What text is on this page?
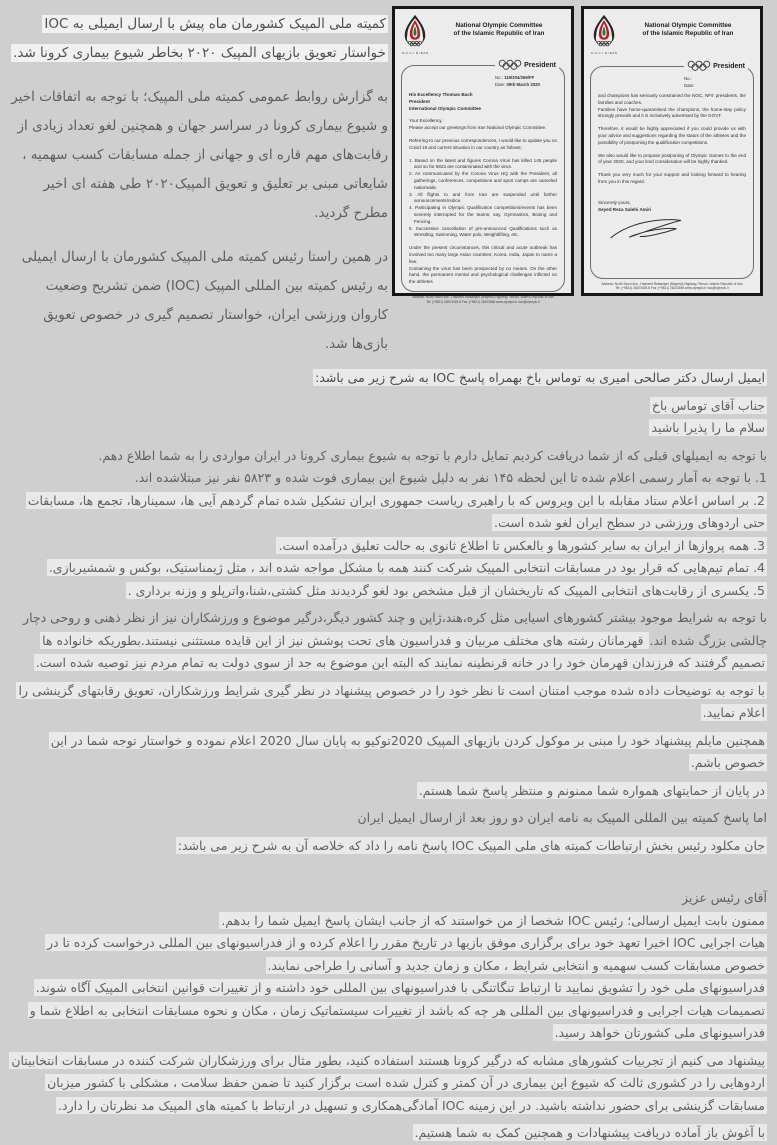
کمیته ملی المپیک کشورمان ماه پیش با ارسال ایمیلی به IOC خواستار تعویق بازیهای المپیک ۲۰۲۰ بخاطر شیوع بیماری کرونا شد.

به گزارش روابط عمومی کمیته ملی المپیک؛ با توجه به اتفاقات اخیر و شیوع بیماری کرونا در سراسر جهان و همچنین لغو تعداد زیادی از رقابت‌های مهم قاره ای و جهانی از جمله مسابقات کسب سهمیه ، شایعاتی مبنی بر تعلیق و تعویق المپیک۲۰۲۰ طی هفته ای اخیر مطرح گردید.

در همین راستا رئیس کمیته ملی المپیک کشورمان با ارسال ایمیلی به رئیس کمیته بین المللی المپیک (IOC) ضمن تشریح وضعیت کاروان ورزشی ایران، خواستار تصمیم گیری در خصوص تعویق بازی‌ها شد.

N.O.C.I.R.IRAN
National Olympic Committee
of the Islamic Republic of Iran
President
No.: 119/204/269/FF
Date: 09th March 2020
His Excellency Thomas Bach
President
International Olympic Committee
Your Excellency,
Please accept our greetings from Iran National Olympic Committee.
Referring to our previous correspondences, I would like to update you on Covid 19 and current situation in our country as follows:
1. Based on the latest and figures Corona Virus has killed 145 people and so far 5823 are contaminated with the virus.
2. As communicated by the Corona Virus HQ with the President, all gatherings, conferences, competitions and sport camps are canceled nationwide.
3. All flights to and from Iran are suspended until further announcements/notice.
4. Participating in Olympic Qualification competitions/events has been severely interrupted for the teams; say, Gymnastics, Boxing and Fencing.
5. Successive cancellation of pre-announced Qualifications such as Wrestling, Swimming, Water polo, Weightlifting, etc.
Under the present circumstances, this critical and acute outbreak has involved too many large Asian countries; Korea, India, Japan to name a few.
Containing the virus has been prospected by no means. On the other hand, the permanent mental and psychological challenges inflicted on the athletes
Address: North Seoul Ave., Hashemi Rafsanjani (Niayesh) Highway, Tehran, Islamic Republic of Iran
Tel: (+9821) 26203425-6 Fax: (+9821) 26203556 www.olympic.ir noc@olympic.ir
N.O.C.I.R.IRAN
National Olympic Committee
of the Islamic Republic of Iran
President
No.:
Date:
and champions has seriously constrained the NOC, NFs' presidents, the families and coaches.
Families have home-quarantined the champions, the home-stay policy strongly prevails and it is inclusively advertised by the GOVT.
Therefore, it would be highly appreciated if you could provide us with your advice and suggestions regarding the status of the athletes and the possibility of postponing the qualification competitions.
We also would like to propose postponing of Olympic Games to the end of year 2020, and your kind consideration will be highly thanked.
Thank you very much for your support and looking forward to hearing from you in this regard.
Sincerely yours,
Seyed Reza Salehi Amiri
Address: North Seoul Ave., Hashemi Rafsanjani (Niayesh) Highway, Tehran, Islamic Republic of Iran
Tel: (+9821) 26203425-6 Fax: (+9821) 26203556 www.olympic.ir noc@olympic.ir

ایمیل ارسال دکتر صالحی امیری به توماس باخ بهمراه پاسخ IOC به شرح زیر می باشد:

جناب آقای توماس باخ

سلام ما را پذیرا باشید

با توجه به ایمیلهای قبلی که از شما دریافت کردیم تمایل دارم با توجه به شیوع بیماری کرونا در ایران مواردی را به شما اطلاع دهم.

1. با توجه به آمار رسمی اعلام شده تا این لحظه ۱۴۵ نفر به دلیل شیوع این بیماری فوت شده و ۵۸۲۳ نفر نیز مبتلاشده اند.

2. بر اساس اعلام ستاد مقابله با این ویروس که با راهبری ریاست جمهوری ایران تشکیل شده تمام گردهم آیی ها، سمینارها، تجمع ها، مسابقات حتی اردوهای ورزشی در سطح ایران لغو شده است.

3. همه پروازها از ایران به سایر کشورها و بالعکس تا اطلاع ثانوی به حالت تعلیق درآمده است.

4. تمام تیم‌هایی که قرار بود در مسابقات انتخابی المپیک شرکت کنند همه با مشکل مواجه شده اند ، مثل ژیمناستیک، بوکس و شمشیربازی.

5. یکسری از رقابت‌های انتخابی المپیک که تاریخشان از قبل مشخص بود لغو گردیدند مثل کشتی،شنا،واترپلو و وزنه برداری .

با توجه به شرایط موجود بیشتر کشورهای اسیایی مثل کره،هند،ژاپن و چند کشور دیگر،درگیر موضوع و ورزشکاران نیز از نظر ذهنی و روحی دچار چالشی بزرگ شده اند. قهرمانان رشته های مختلف مربیان و فدراسیون های تحت پوشش نیز از این قایده مستثنی نیستند.بطوریکه خانواده ها تصمیم گرفتند که فرزندان قهرمان خود را در خانه قرنطینه نمایند که البته این موضوع به جد از سوی دولت به تمام مردم نیز توصیه شده است.

با توجه به توضیحات داده شده موجب امتنان است تا نظر خود را در خصوص پیشنهاد در نظر گیری شرایط ورزشکاران، تعویق رقابتهای گزینشی را اعلام نمایید.

همچنین مایلم پیشنهاد خود را مبنی بر موکول کردن بازیهای المپیک 2020توکیو به پایان سال 2020 اعلام نموده و خواستار توجه شما در این خصوص باشم.

در پایان از حمایتهای همواره شما ممنونم و منتظر پاسخ شما هستم.

اما پاسخ کمیته بین المللی المپیک به نامه ایران دو روز بعد از ارسال ایمیل ایران

جان مکلود رئیس بخش ارتباطات کمیته های ملی المپیک IOC پاسخ نامه را داد که خلاصه آن به شرح زیر می باشد:

آقای رئیس عزیز

ممنون بابت ایمیل ارسالی؛ رئیس IOC شخصا از من خواستند که از جانب ایشان پاسخ ایمیل شما را بدهم.

هیات اجرایی IOC اخیرا تعهد خود برای برگزاری موفق بازیها در تاریخ مقرر را اعلام کرده و از فدراسیونهای بین المللی درخواست کرده تا در خصوص مسابقات کسب سهمیه و انتخابی شرایط ، مکان و زمان جدید و آسانی را طراحی نمایند.

فدراسیونهای ملی خود را تشویق نمایید تا ارتباط تنگاتنگی با فدراسیونهای بین المللی خود داشته و از تغییرات قوانین انتخابی المپیک آگاه شوند.

تصمیمات هیات اجرایی و فدراسیونهای بین المللی هر چه که باشد از تغییرات سیستماتیک زمان ، مکان و نحوه مسابقات انتخابی به اطلاع شما و فدراسیونهای ملی کشورتان خواهد رسید.

پیشنهاد می کنیم از تجربیات کشورهای مشابه که درگیر کرونا هستند استفاده کنید، بطور مثال برای ورزشکاران شرکت کننده در مسابقات انتخابیتان اردوهایی را در کشوری ثالث که شیوع این بیماری در آن کمتر و کترل شده است برگزار کنید تا ضمن حفظ سلامت ، مشکلی با کشور میزبان مسابقات گزینشی برای حضور نداشته باشید. در این زمینه IOC آمادگی‌همکاری و تسهیل در ارتباط با کمیته های المپیک مد نظرتان را دارد.

با آغوش باز آماده دریافت پیشنهادات و همچنین کمک به شما هستیم.
